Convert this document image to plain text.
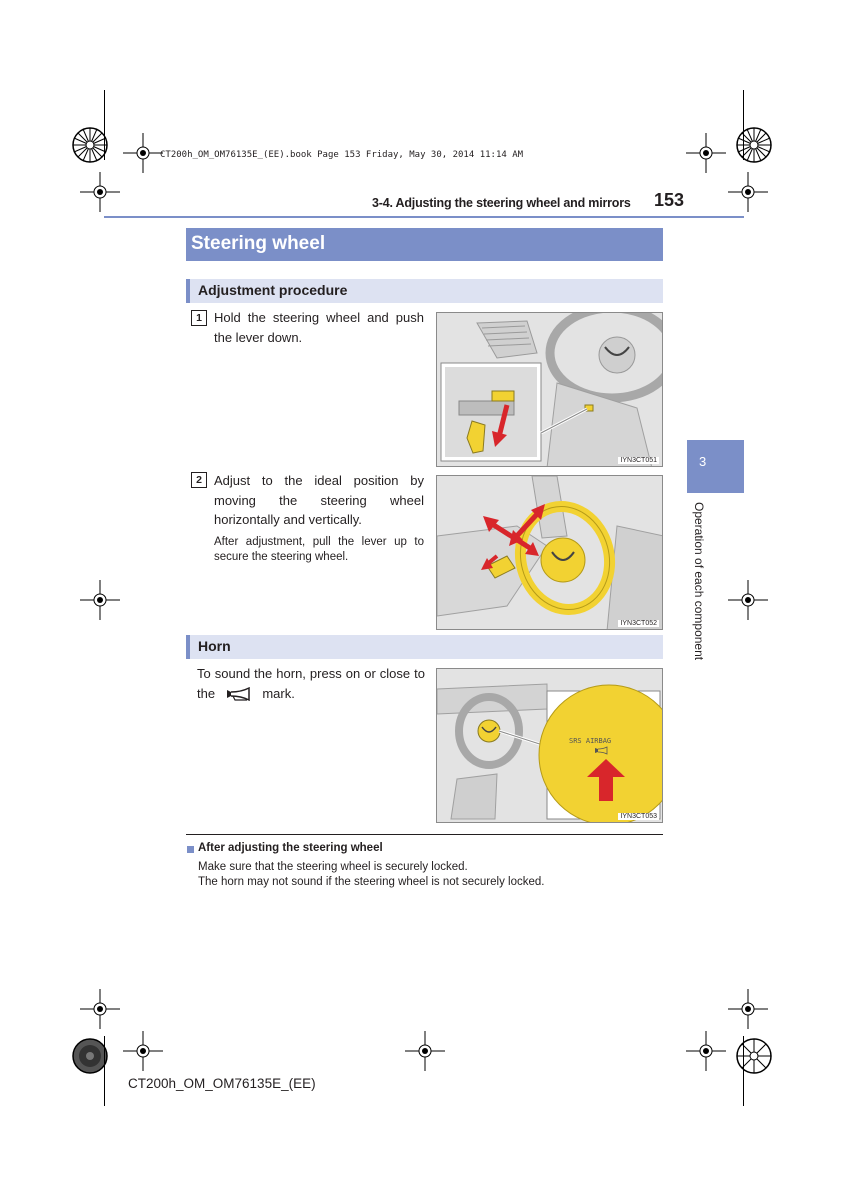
CT200h_OM_OM76135E_(EE).book Page 153 Friday, May 30, 2014 11:14 AM
3-4. Adjusting the steering wheel and mirrors 153
3
Operation of each component
Steering wheel
Adjustment procedure
1 Hold the steering wheel and push the lever down.
IYN3CT051
2 Adjust to the ideal position by moving the steering wheel horizontally and vertically.
After adjustment, pull the lever up to secure the steering wheel.
IYN3CT052
Horn
To sound the horn, press on or close to the	mark.
SRS AIRBAG
IYN3CT053
After adjusting the steering wheel
Make sure that the steering wheel is securely locked.
The horn may not sound if the steering wheel is not securely locked.
CT200h_OM_OM76135E_(EE)
